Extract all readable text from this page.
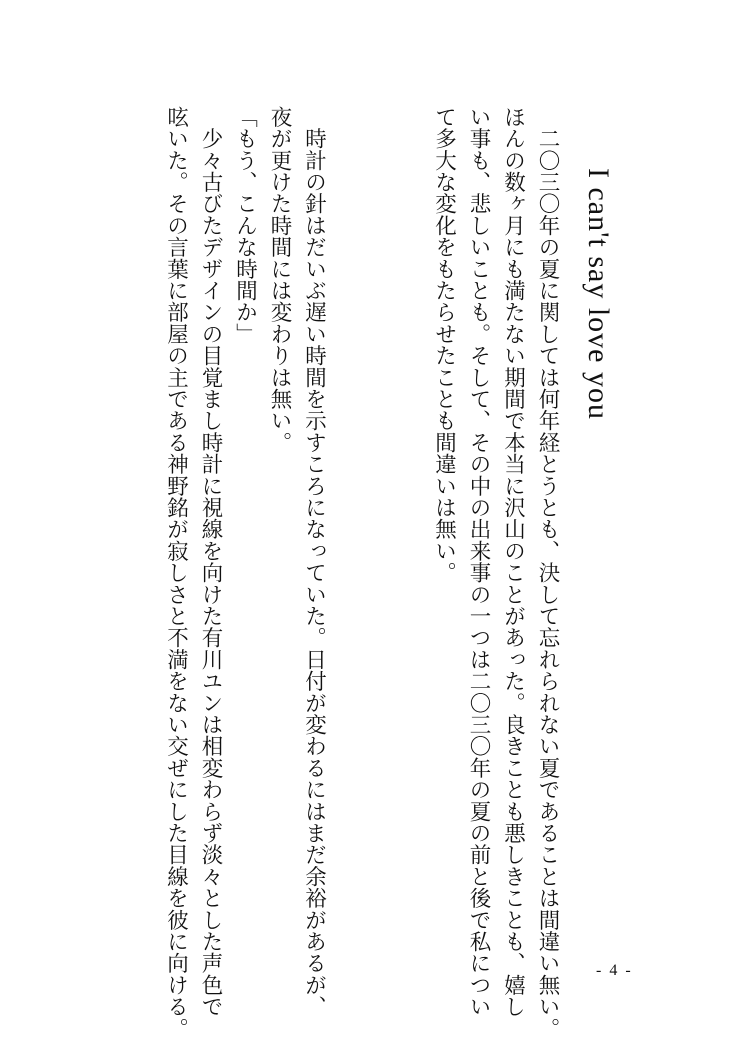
I can't say love you

　二〇三〇年の夏に関しては何年経とうとも、決して忘れられない夏であることは間違い無い。

ほんの数ヶ月にも満たない期間で本当に沢山のことがあった。良きことも悪しきことも、嬉し

い事も、悲しいことも。そして、その中の出来事の一つは二〇三〇年の夏の前と後で私につい

て多大な変化をもたらせたことも間違いは無い。

　時計の針はだいぶ遅い時間を示すころになっていた。日付が変わるにはまだ余裕があるが、

夜が更けた時間には変わりは無い。

「もう、こんな時間か」

　少々古びたデザインの目覚まし時計に視線を向けた有川ユンは相変わらず淡々とした声色で

呟いた。その言葉に部屋の主である神野銘が寂しさと不満をない交ぜにした目線を彼に向ける。	- 4 -
